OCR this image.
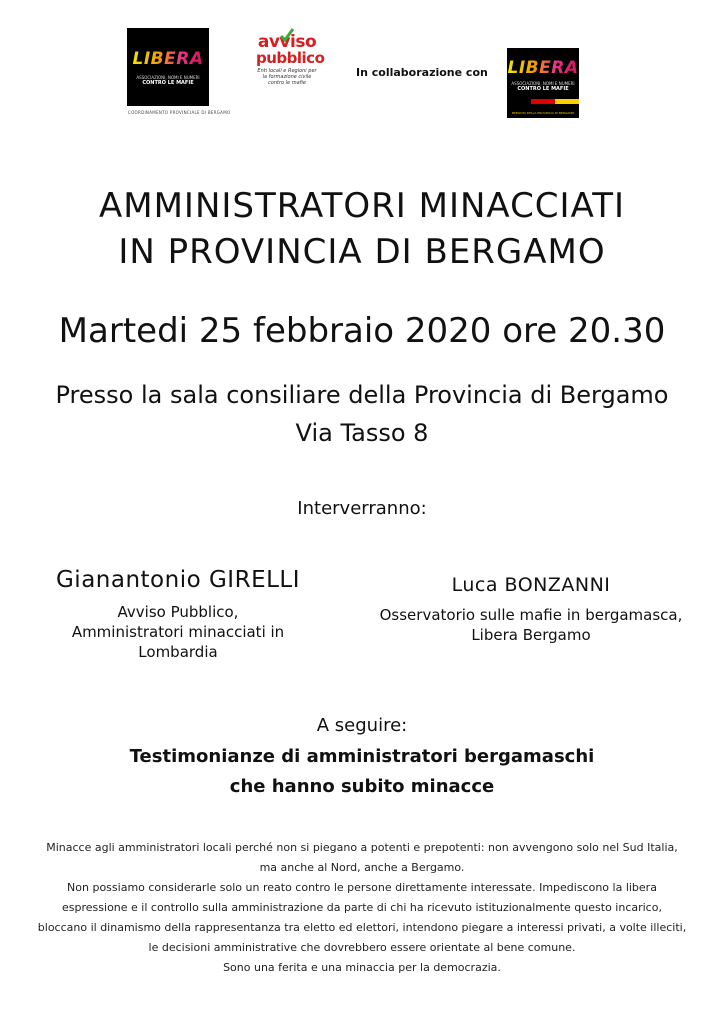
LIBERA
ASSOCIAZIONI, NOMI E NUMERI
CONTRO LE MAFIE
COORDINAMENTO PROVINCIALE DI BERGAMO
avviso
pubblico
Enti locali e Regioni per la formazione civile contro le mafie
In collaborazione con LIBERA
ASSOCIAZIONI, NOMI E NUMERI
CONTRO LE MAFIE
PRESIDIO DELLA PROVINCIA DI BERGAMO
AMMINISTRATORI MINACCIATI
IN PROVINCIA DI BERGAMO
Martedi 25 febbraio 2020 ore 20.30
Presso la sala consiliare della Provincia di Bergamo
Via Tasso 8
Interverranno:
Gianantonio GIRELLI
Avviso Pubblico,
Amministratori minacciati in
Lombardia
Luca BONZANNI
Osservatorio sulle mafie in bergamasca,
Libera Bergamo
A seguire:
Testimonianze di amministratori bergamaschi
che hanno subito minacce
Minacce agli amministratori locali perché non si piegano a potenti e prepotenti: non avvengono solo nel Sud Italia,
ma anche al Nord, anche a Bergamo.
Non possiamo considerarle solo un reato contro le persone direttamente interessate. Impediscono la libera
espressione e il controllo sulla amministrazione da parte di chi ha ricevuto istituzionalmente questo incarico,
bloccano il dinamismo della rappresentanza tra eletto ed elettori, intendono piegare a interessi privati, a volte illeciti,
le decisioni amministrative che dovrebbero essere orientate al bene comune.
Sono una ferita e una minaccia per la democrazia.
